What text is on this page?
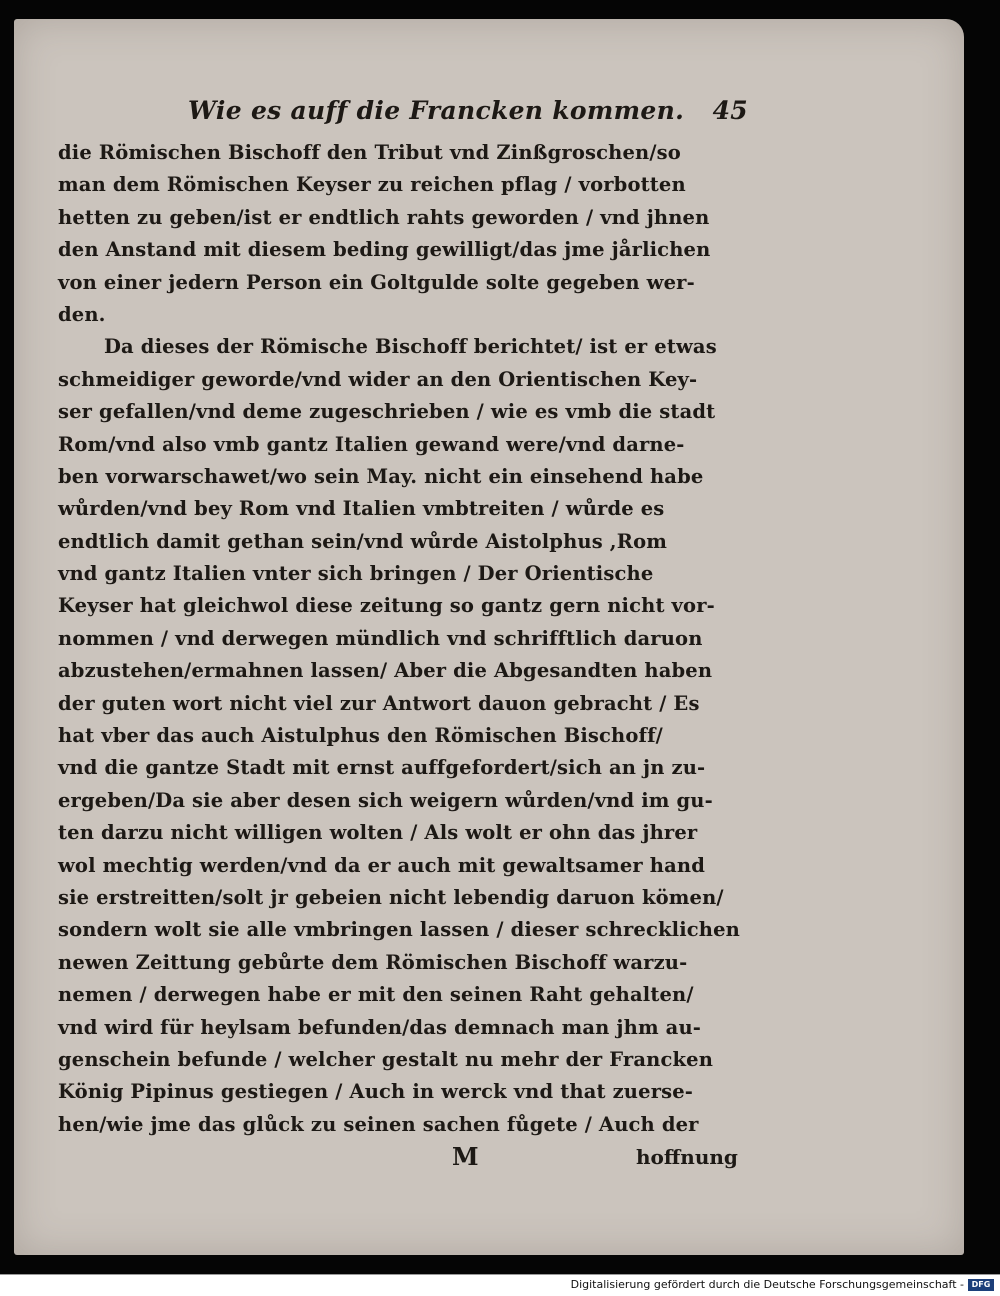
Wie es auff die Francken kommen. 45
die Römischen Bischoff den Tribut vnd Zinßgroschen/so
man dem Römischen Keyser zu reichen pflag / vorbotten
hetten zu geben/ist er endtlich rahts geworden / vnd jhnen
den Anstand mit diesem beding gewilligt/das jme jårlichen
von einer jedern Person ein Goltgulde solte gegeben wer-
den.
Da dieses der Römische Bischoff berichtet/ ist er etwas
schmeidiger geworde/vnd wider an den Orientischen Key-
ser gefallen/vnd deme zugeschrieben / wie es vmb die stadt
Rom/vnd also vmb gantz Italien gewand were/vnd darne-
ben vorwarschawet/wo sein May. nicht ein einsehend habe
wůrden/vnd bey Rom vnd Italien vmbtreiten / wůrde es
endtlich damit gethan sein/vnd wůrde Aistolphus ,Rom
vnd gantz Italien vnter sich bringen / Der Orientische
Keyser hat gleichwol diese zeitung so gantz gern nicht vor-
nommen / vnd derwegen mündlich vnd schrifftlich daruon
abzustehen/ermahnen lassen/ Aber die Abgesandten haben
der guten wort nicht viel zur Antwort dauon gebracht / Es
hat vber das auch Aistulphus den Römischen Bischoff/
vnd die gantze Stadt mit ernst auffgefordert/sich an jn zu-
ergeben/Da sie aber desen sich weigern wůrden/vnd im gu-
ten darzu nicht willigen wolten / Als wolt er ohn das jhrer
wol mechtig werden/vnd da er auch mit gewaltsamer hand
sie erstreitten/solt jr gebeien nicht lebendig daruon kömen/
sondern wolt sie alle vmbringen lassen / dieser schrecklichen
newen Zeittung gebůrte dem Römischen Bischoff warzu-
nemen / derwegen habe er mit den seinen Raht gehalten/
vnd wird für heylsam befunden/das demnach man jhm au-
genschein befunde / welcher gestalt nu mehr der Francken
König Pipinus gestiegen / Auch in werck vnd that zuerse-
hen/wie jme das glůck zu seinen sachen fůgete / Auch der
M	hoffnung
Digitalisierung gefördert durch die Deutsche Forschungsgemeinschaft - DFG
